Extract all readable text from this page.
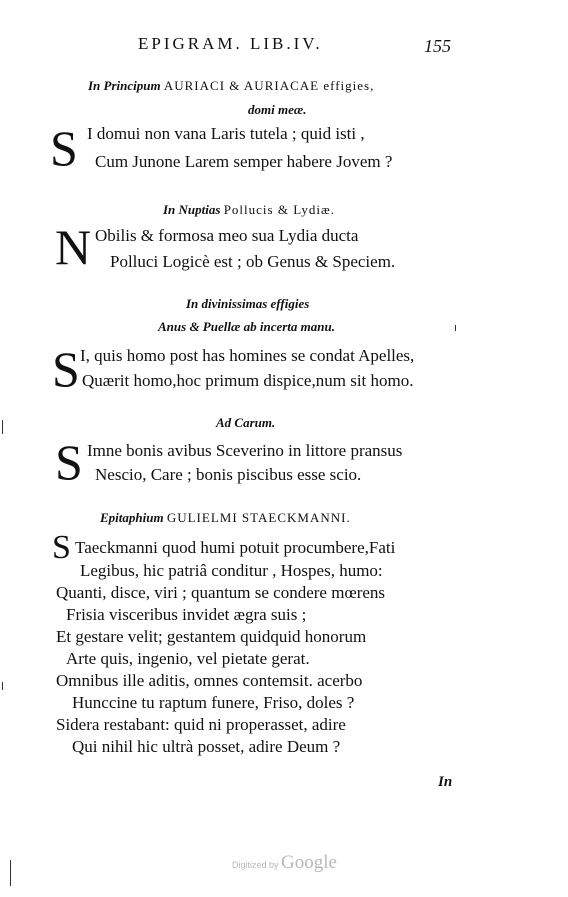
EPIGRAM. LIB.IV.	155
In Principum AURIACI & AURIACAE effigies,
domi meæ.
S I domui non vana Laris tutela ; quid isti ,
Cum Junone Larem semper habere Jovem ?
In Nuptias Pollucis & Lydiæ.
N Obilis & formosa meo sua Lydia ducta
Polluci Logicè est ; ob Genus & Speciem.
In divinissimas effigies
Anus & Puellæ ab incerta manu.
S I, quis homo post has homines se condat Apelles,
Quærit homo,hoc primum dispice,num sit homo.
Ad Carum.
S Imne bonis avibus Sceverino in littore pransus
Nescio, Care ; bonis piscibus esse scio.
Epitaphium GULIELMI STAECKMANNI.
S Taeckmanni quod humi potuit procumbere,Fati
Legibus, hic patriâ conditur , Hospes, humo:
Quanti, disce, viri ; quantum se condere mœrens
Frisia visceribus invidet ægra suis ;
Et gestare velit; gestantem quidquid honorum
Arte quis, ingenio, vel pietate gerat.
Omnibus ille aditis, omnes contemsit. acerbo
Hunccine tu raptum funere, Friso, doles ?
Sidera restabant: quid ni properasset, adire
Qui nihil hic ultrà posset, adire Deum ?
In
Digitized by Google
